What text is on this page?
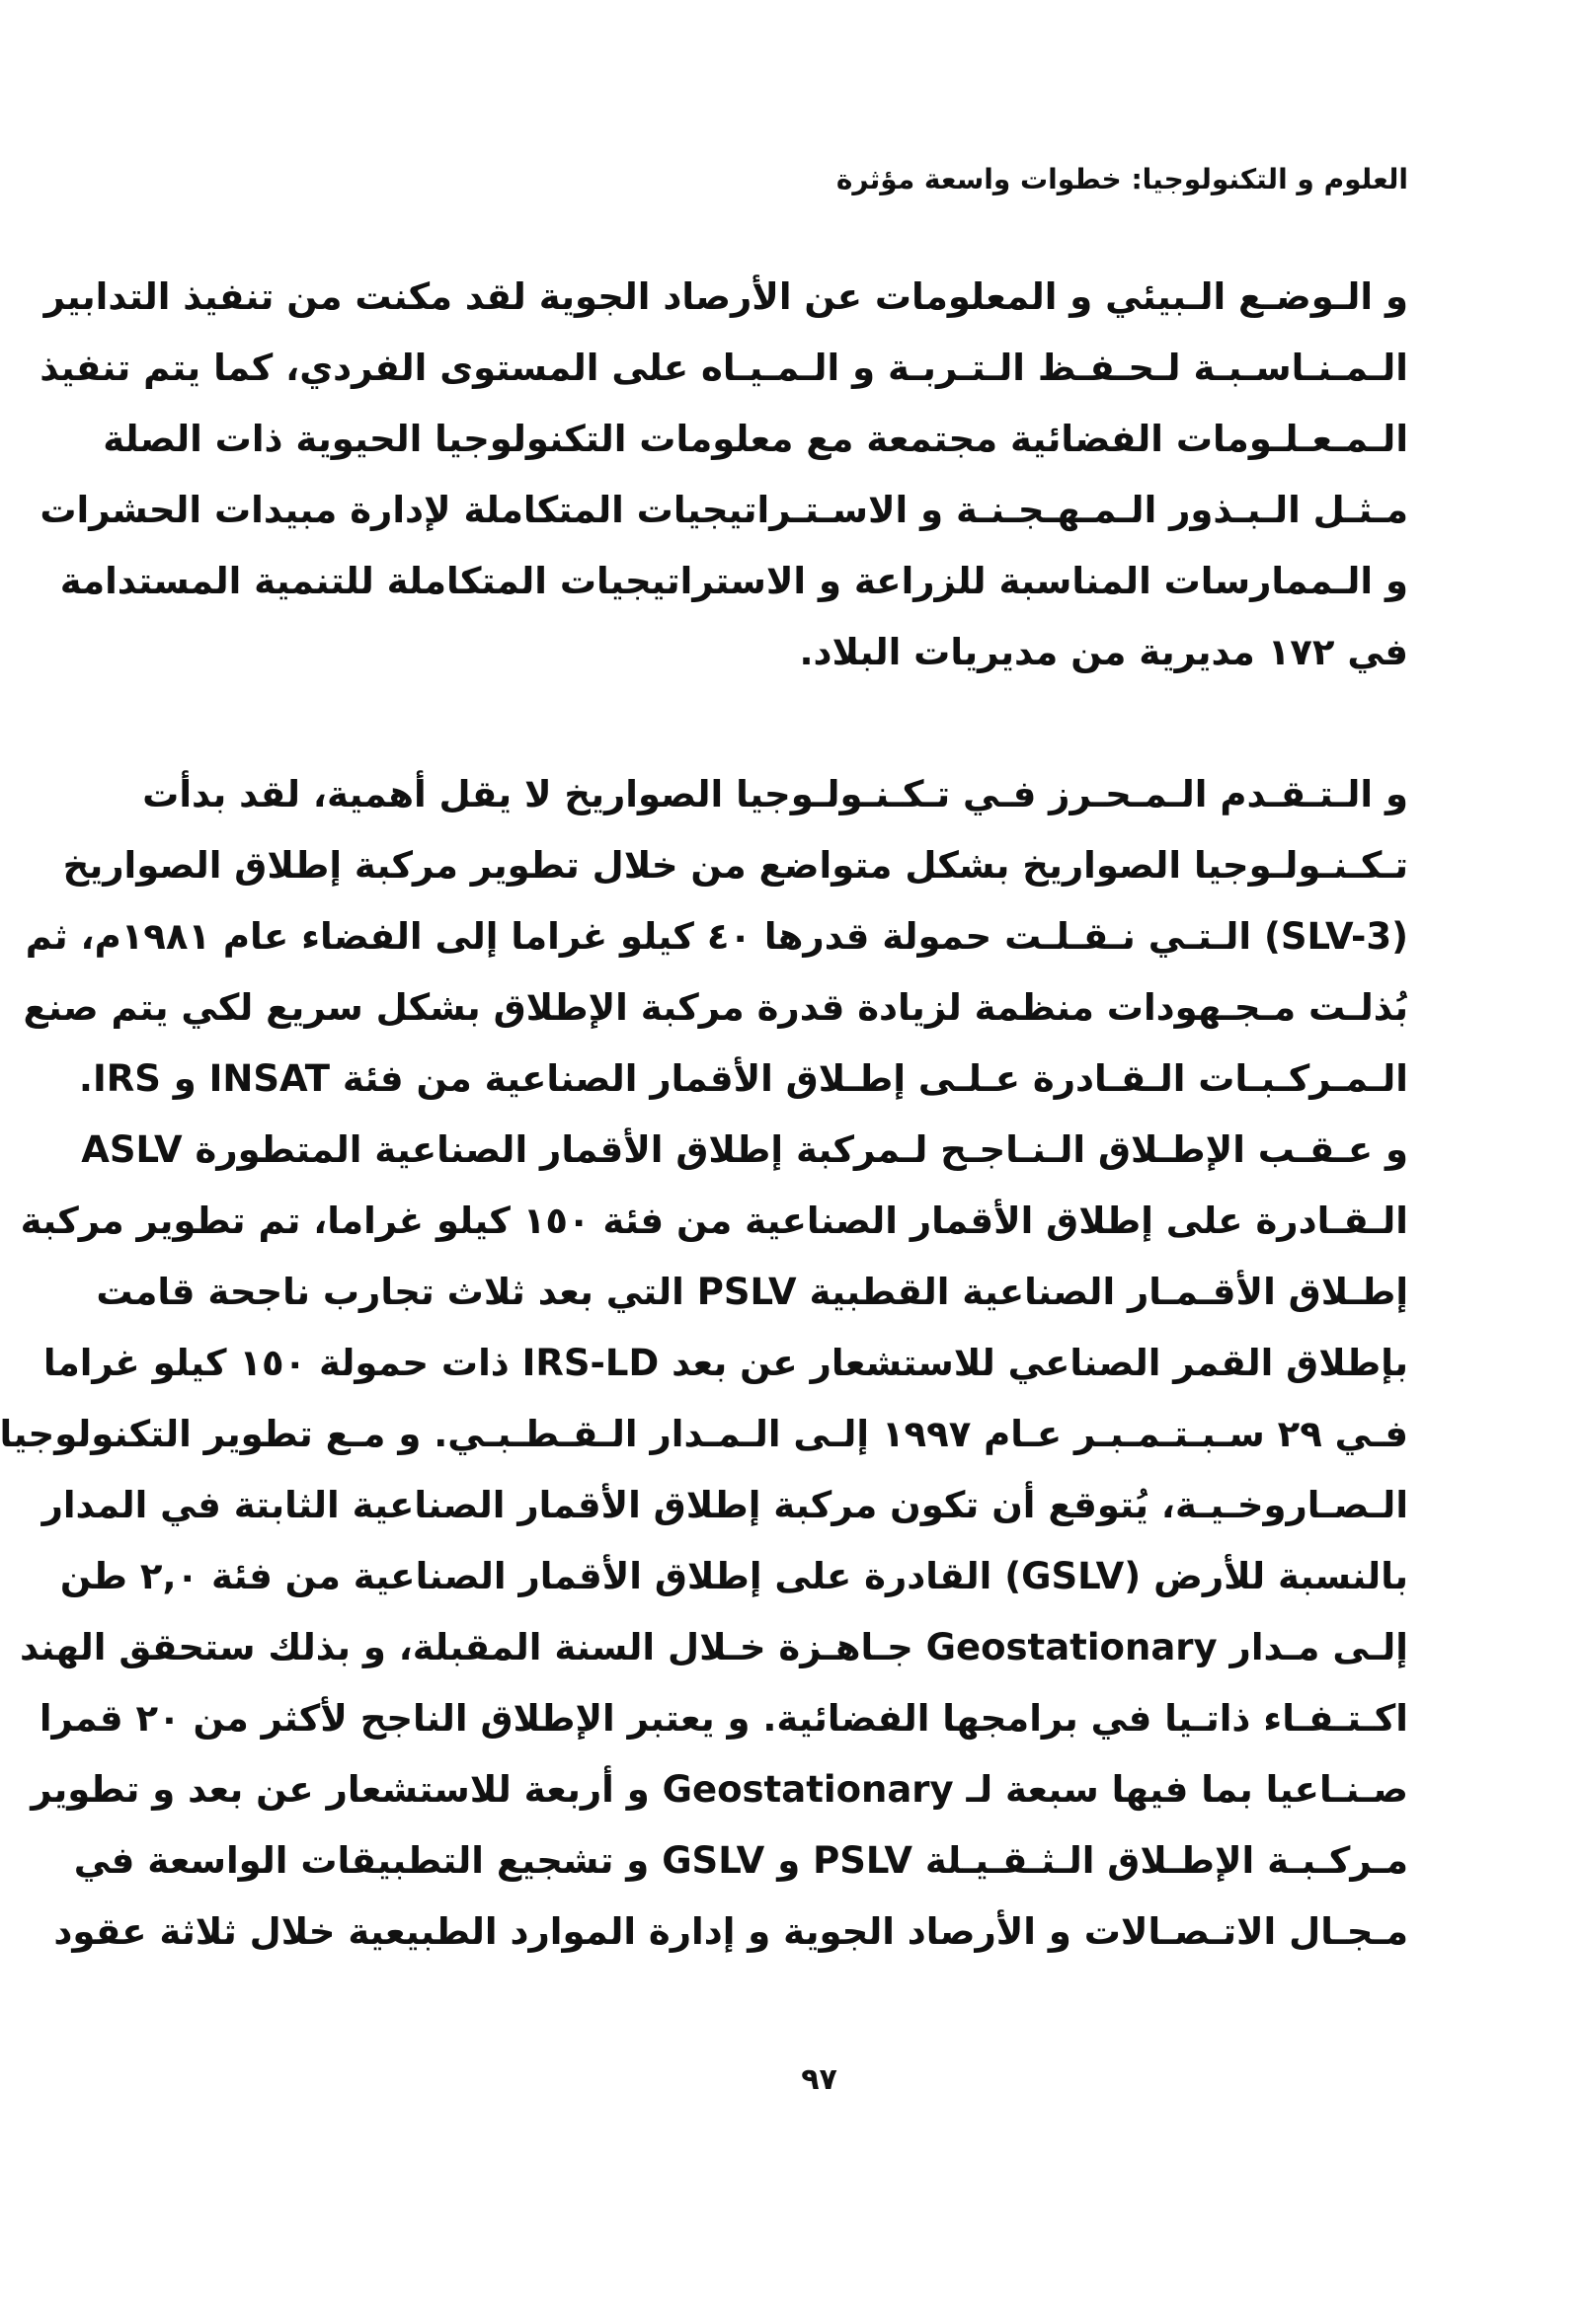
العلوم و التكنولوجيا: خطوات واسعة مؤثرة

و الـوضـع الـبيئي و المعلومات عن الأرصاد الجوية لقد مكنت من تنفيذ التدابير
الـمـنـاسـبـة لـحـفـظ الـتـربـة و الـمـيـاه على المستوى الفردي، كما يتم تنفيذ
الـمـعـلـومات الفضائية مجتمعة مع معلومات التكنولوجيا الحيوية ذات الصلة
مـثـل الـبـذور الـمـهـجـنـة و الاسـتـراتيجيات المتكاملة لإدارة مبيدات الحشرات
و الـممارسات المناسبة للزراعة و الاستراتيجيات المتكاملة للتنمية المستدامة
في ١٧٢ مديرية من مديريات البلاد.

و الـتـقـدم الـمـحـرز فـي تـكـنـولـوجيا الصواريخ لا يقل أهمية، لقد بدأت
تـكـنـولـوجيا الصواريخ بشكل متواضع من خلال تطوير مركبة إطلاق الصواريخ
(SLV-3) الـتـي نـقـلـت حمولة قدرها ٤٠ كيلو غراما إلى الفضاء عام ١٩٨١م، ثم
بُذلـت مـجـهودات منظمة لزيادة قدرة مركبة الإطلاق بشكل سريع لكي يتم صنع
الـمـركـبـات الـقـادرة عـلـى إطـلاق الأقمار الصناعية من فئة INSAT و IRS.
و عـقـب الإطـلاق الـنـاجـح لـمركبة إطلاق الأقمار الصناعية المتطورة ASLV
الـقـادرة على إطلاق الأقمار الصناعية من فئة ١٥٠ كيلو غراما، تم تطوير مركبة
إطـلاق الأقـمـار الصناعية القطبية PSLV التي بعد ثلاث تجارب ناجحة قامت
بإطلاق القمر الصناعي للاستشعار عن بعد IRS-LD ذات حمولة ١٥٠ كيلو غراما
فـي ٢٩ سـبـتـمـبـر عـام ١٩٩٧ إلـى الـمـدار الـقـطـبـي. و مـع تطوير التكنولوجيا
الـصـاروخـيـة، يُتوقع أن تكون مركبة إطلاق الأقمار الصناعية الثابتة في المدار
بالنسبة للأرض (GSLV) القادرة على إطلاق الأقمار الصناعية من فئة ٢,٠ طن
إلـى مـدار Geostationary جـاهـزة خـلال السنة المقبلة، و بذلك ستحقق الهند
اكـتـفـاء ذاتـيا في برامجها الفضائية. و يعتبر الإطلاق الناجح لأكثر من ٢٠ قمرا
صـنـاعيا بما فيها سبعة لـ Geostationary و أربعة للاستشعار عن بعد و تطوير
مـركـبـة الإطـلاق الـثـقـيـلة PSLV و GSLV و تشجيع التطبيقات الواسعة في
مـجـال الاتـصـالات و الأرصاد الجوية و إدارة الموارد الطبيعية خلال ثلاثة عقود

٩٧
